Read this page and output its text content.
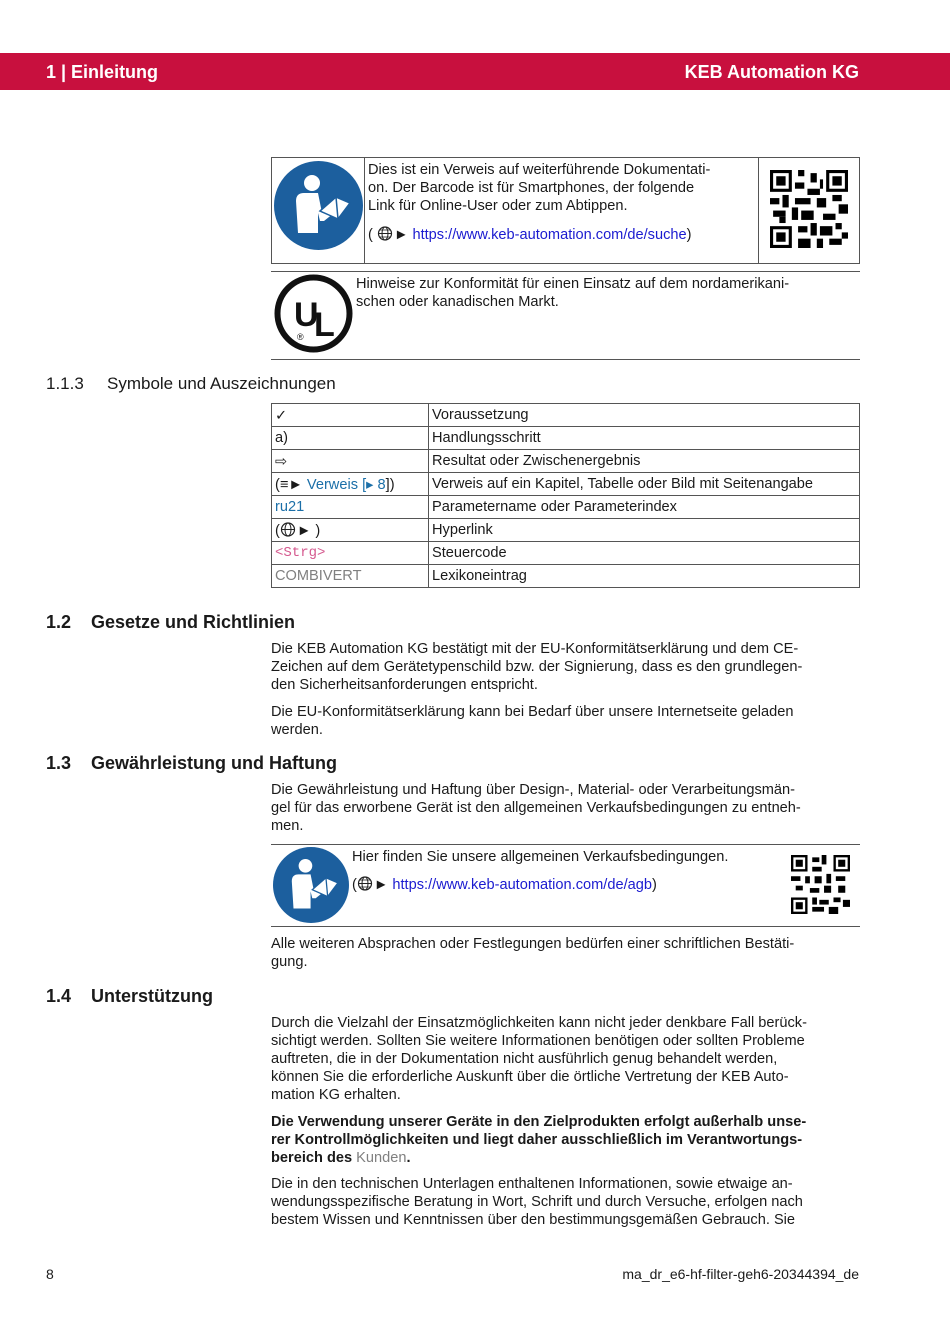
1 | Einleitung	KEB Automation KG
Dies ist ein Verweis auf weiterführende Dokumentati-
on. Der Barcode ist für Smartphones, der folgende
Link für Online-User oder zum Abtippen.
( ► https://www.keb-automation.com/de/suche)
U
L
®
Hinweise zur Konformität für einen Einsatz auf dem nordamerikani-
schen oder kanadischen Markt.
1.1.3 Symbole und Auszeichnungen
✓	Voraussetzung
a)	Handlungsschritt
⇨	Resultat oder Zwischenergebnis
(≡► Verweis [▸ 8])	Verweis auf ein Kapitel, Tabelle oder Bild mit Seitenangabe
ru21	Parametername oder Parameterindex
( ► )	Hyperlink
<Strg>	Steuercode
COMBIVERT	Lexikoneintrag
1.2 Gesetze und Richtlinien
Die KEB Automation KG bestätigt mit der EU-Konformitätserklärung und dem CE-
Zeichen auf dem Gerätetypenschild bzw. der Signierung, dass es den grundlegen-
den Sicherheitsanforderungen entspricht.
Die EU-Konformitätserklärung kann bei Bedarf über unsere Internetseite geladen
werden.
1.3 Gewährleistung und Haftung
Die Gewährleistung und Haftung über Design-, Material- oder Verarbeitungsmän-
gel für das erworbene Gerät ist den allgemeinen Verkaufsbedingungen zu entneh-
men.
Hier finden Sie unsere allgemeinen Verkaufsbedingungen.
( ► https://www.keb-automation.com/de/agb)
Alle weiteren Absprachen oder Festlegungen bedürfen einer schriftlichen Bestäti-
gung.
1.4 Unterstützung
Durch die Vielzahl der Einsatzmöglichkeiten kann nicht jeder denkbare Fall berück-
sichtigt werden. Sollten Sie weitere Informationen benötigen oder sollten Probleme
auftreten, die in der Dokumentation nicht ausführlich genug behandelt werden,
können Sie die erforderliche Auskunft über die örtliche Vertretung der KEB Auto-
mation KG erhalten.
Die Verwendung unserer Geräte in den Zielprodukten erfolgt außerhalb unse-
rer Kontrollmöglichkeiten und liegt daher ausschließlich im Verantwortungs-
bereich des Kunden.
Die in den technischen Unterlagen enthaltenen Informationen, sowie etwaige an-
wendungsspezifische Beratung in Wort, Schrift und durch Versuche, erfolgen nach
bestem Wissen und Kenntnissen über den bestimmungsgemäßen Gebrauch. Sie
8	ma_dr_e6-hf-filter-geh6-20344394_de
